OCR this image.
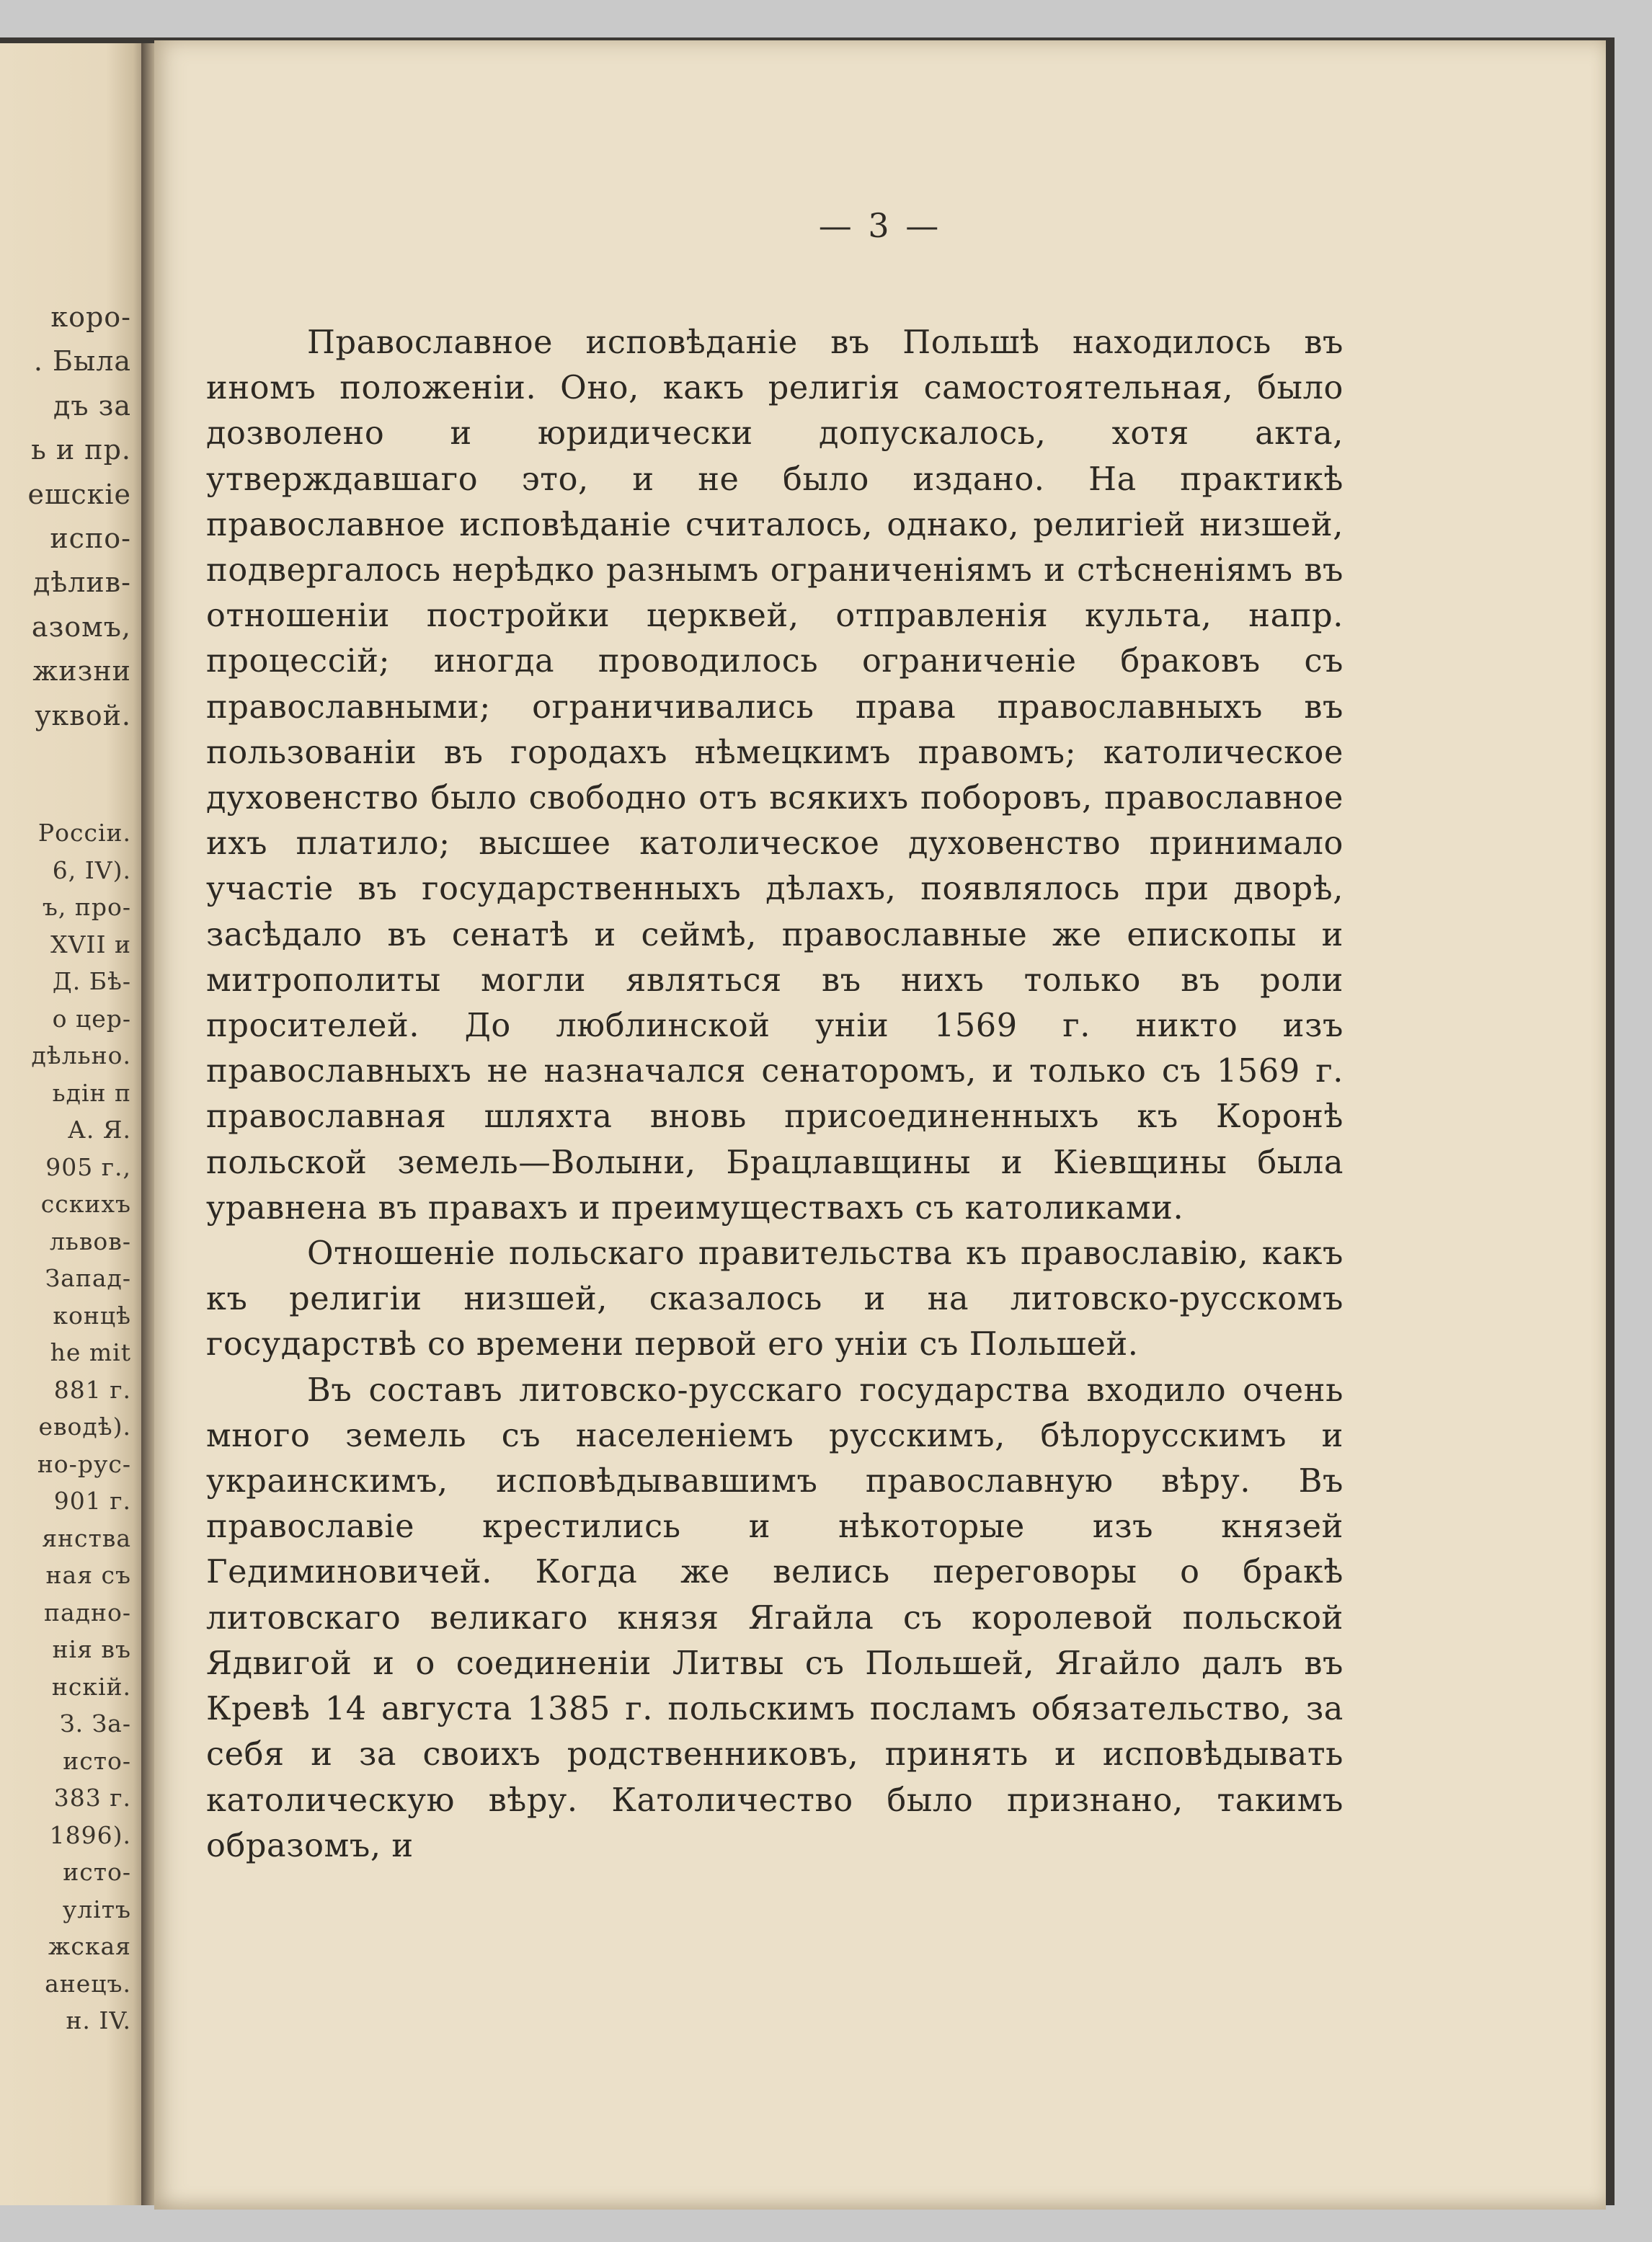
корo-
. Была
дъ за
ь и пр.
ешскіе
испо-
дѣлив-
азомъ,
жизни
уквой.
Россіи.
6, IV).
ъ, про-
XVII и
Д. Бѣ-
о цер-
дѣльно.
ьдін п
А. Я.
905 г.,
сскихъ
львов-
Запад-
концѣ
he mit
881 г.
еводѣ).
но-рус-
901 г.
янства
ная съ
падно-
нія въ
нскій.
З. За-
исто-
383 г.
1896).
исто-
улітъ
жская
анецъ.
н. IV.
— 3 —

Православное исповѣданіе въ Польшѣ находилось въ иномъ положеніи. Оно, какъ религія самостоятельная, было дозволено и юридически допускалось, хотя акта, утверждавшаго это, и не было издано. На практикѣ православное исповѣданіе считалось, однако, религіей низшей, подвергалось нерѣдко разнымъ ограниченіямъ и стѣсненіямъ въ отношеніи постройки церквей, отправленія культа, напр. процессій; иногда проводилось ограниченіе браковъ съ православными; ограничивались права православныхъ въ пользованіи въ городахъ нѣмецкимъ правомъ; католическое духовенство было свободно отъ всякихъ поборовъ, православное ихъ платило; высшее католическое духовенство принимало участіе въ государственныхъ дѣлахъ, появлялось при дворѣ, засѣдало въ сенатѣ и сеймѣ, православные же епископы и митрополиты могли являться въ нихъ только въ роли просителей. До люблинской уніи 1569 г. никто изъ православныхъ не назначался сенаторомъ, и только съ 1569 г. православная шляхта вновь присоединенныхъ къ Коронѣ польской земель—Волыни, Брацлавщины и Кіевщины была уравнена въ правахъ и преимуществахъ съ католиками.

Отношеніе польскаго правительства къ православію, какъ къ религіи низшей, сказалось и на литовско-русскомъ государствѣ со времени первой его уніи съ Польшей.

Въ составъ литовско-русскаго государства входило очень много земель съ населеніемъ русскимъ, бѣлорусскимъ и украинскимъ, исповѣдывавшимъ православную вѣру. Въ православіе крестились и нѣкоторые изъ князей Гедиминовичей. Когда же велись переговоры о бракѣ литовскаго великаго князя Ягайла съ королевой польской Ядвигой и о соединеніи Литвы съ Польшей, Ягайло далъ въ Кревѣ 14 августа 1385 г. польскимъ посламъ обязательство, за себя и за своихъ родственниковъ, принять и исповѣдывать католическую вѣру. Католичество было признано, такимъ образомъ, и
